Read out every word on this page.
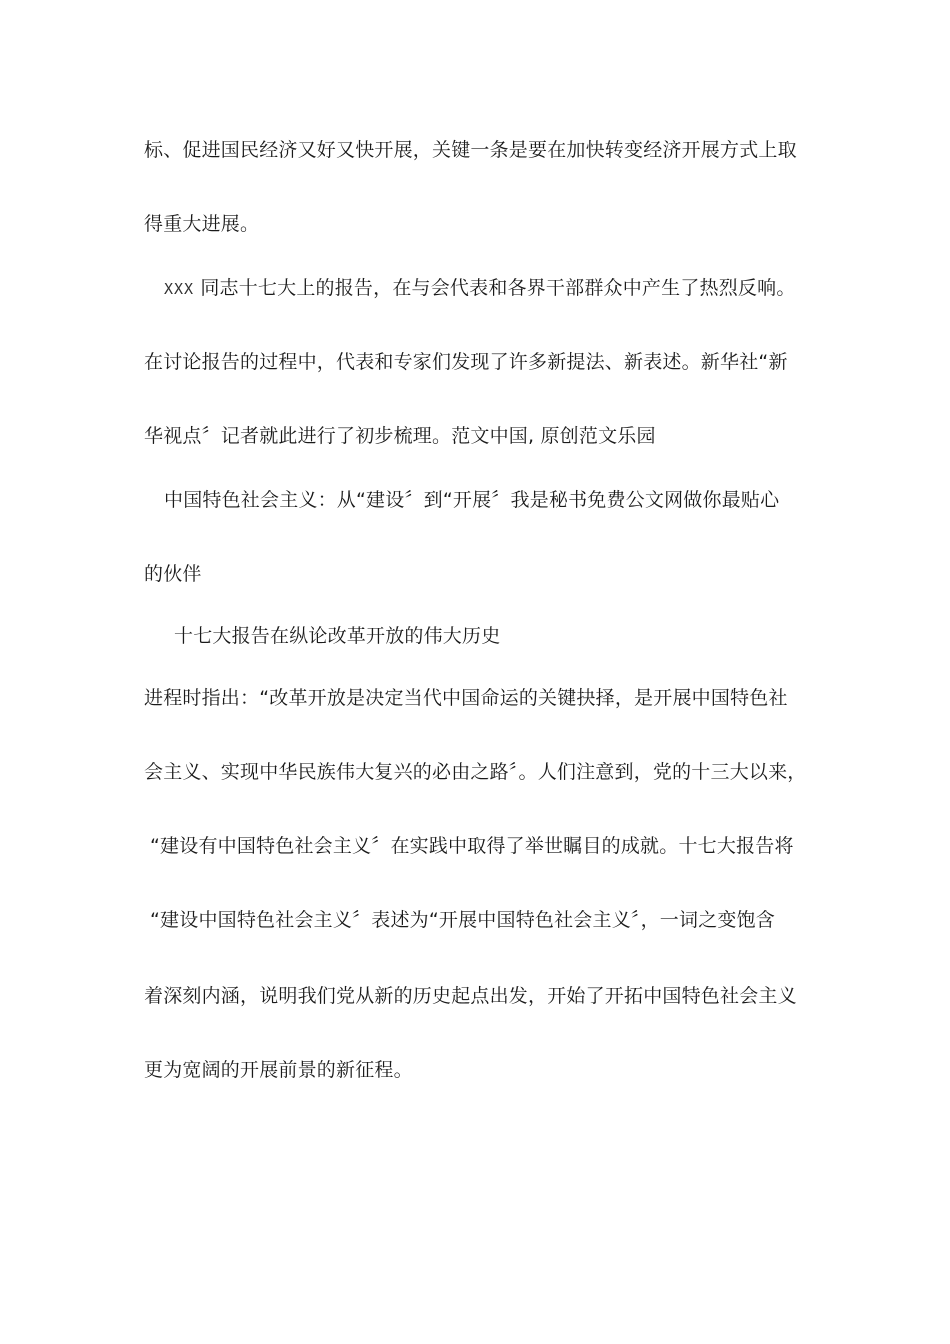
标、促进国民经济又好又快开展，关键一条是要在加快转变经济开展方式上取
得重大进展。
XXX 同志十七大上的报告，在与会代表和各界干部群众中产生了热烈反响。
在讨论报告的过程中，代表和专家们发现了许多新提法、新表述。新华社“新
华视点〞记者就此进行了初步梳理。范文中国, 原创范文乐园
中国特色社会主义：从“建设〞到“开展〞我是秘书免费公文网做你最贴心
的伙伴
十七大报告在纵论改革开放的伟大历史
进程时指出：“改革开放是决定当代中国命运的关键抉择，是开展中国特色社
会主义、实现中华民族伟大复兴的必由之路〞。人们注意到，党的十三大以来，
“建设有中国特色社会主义〞在实践中取得了举世瞩目的成就。十七大报告将
“建设中国特色社会主义〞表述为“开展中国特色社会主义〞，一词之变饱含
着深刻内涵，说明我们党从新的历史起点出发，开始了开拓中国特色社会主义
更为宽阔的开展前景的新征程。
